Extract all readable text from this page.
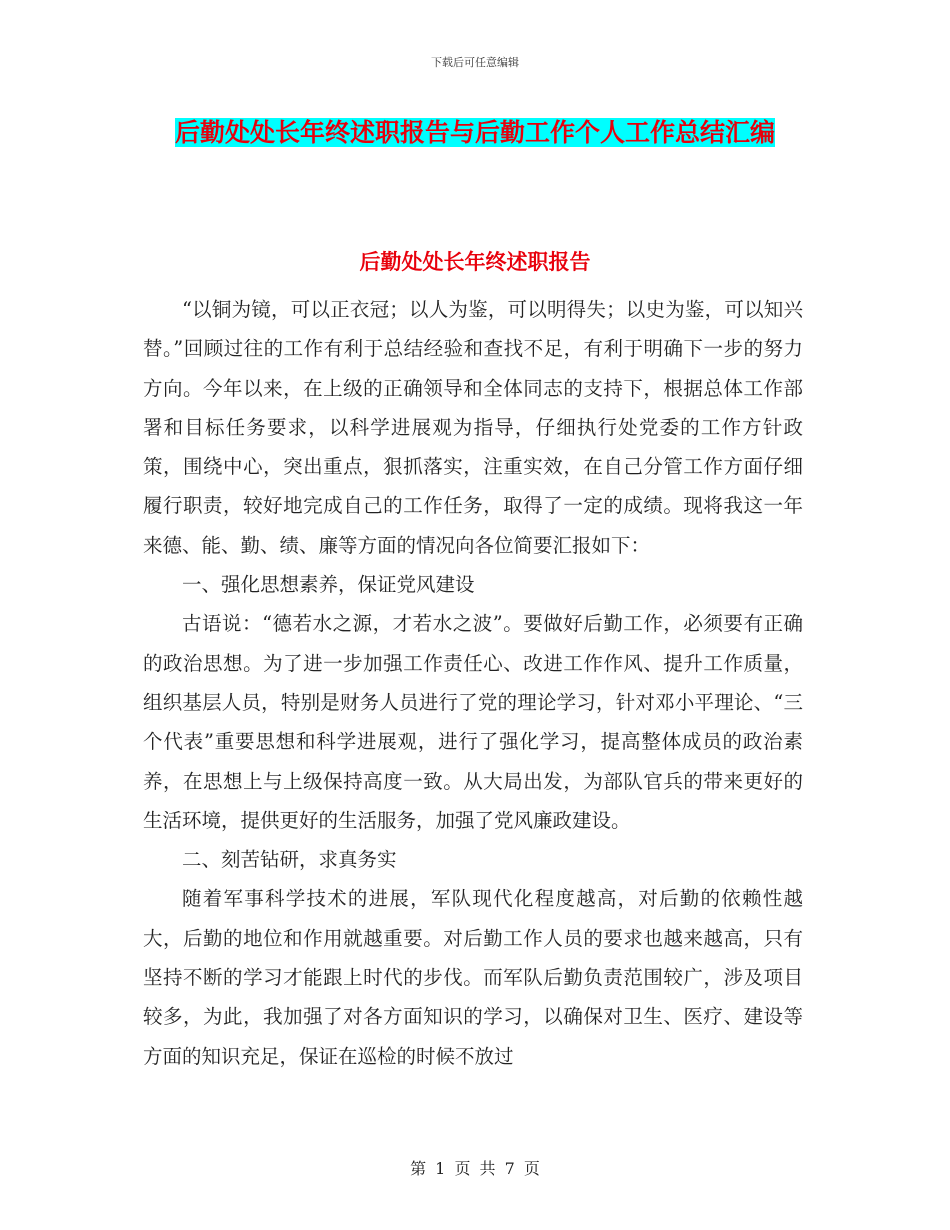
下载后可任意编辑
后勤处处长年终述职报告与后勤工作个人工作总结汇编
后勤处处长年终述职报告

“以铜为镜，可以正衣冠；以人为鉴，可以明得失；以史为鉴，可以知兴替。”回顾过往的工作有利于总结经验和查找不足，有利于明确下一步的努力方向。今年以来，在上级的正确领导和全体同志的支持下，根据总体工作部署和目标任务要求，以科学进展观为指导，仔细执行处党委的工作方针政策，围绕中心，突出重点，狠抓落实，注重实效，在自己分管工作方面仔细履行职责，较好地完成自己的工作任务，取得了一定的成绩。现将我这一年来德、能、勤、绩、廉等方面的情况向各位简要汇报如下：

一、强化思想素养，保证党风建设

古语说：“德若水之源，才若水之波”。要做好后勤工作，必须要有正确的政治思想。为了进一步加强工作责任心、改进工作作风、提升工作质量，组织基层人员，特别是财务人员进行了党的理论学习，针对邓小平理论、“三个代表”重要思想和科学进展观，进行了强化学习，提高整体成员的政治素养，在思想上与上级保持高度一致。从大局出发，为部队官兵的带来更好的生活环境，提供更好的生活服务，加强了党风廉政建设。

二、刻苦钻研，求真务实

随着军事科学技术的进展，军队现代化程度越高，对后勤的依赖性越大，后勤的地位和作用就越重要。对后勤工作人员的要求也越来越高，只有坚持不断的学习才能跟上时代的步伐。而军队后勤负责范围较广，涉及项目较多，为此，我加强了对各方面知识的学习，以确保对卫生、医疗、建设等方面的知识充足，保证在巡检的时候不放过

第 1 页 共 7 页
